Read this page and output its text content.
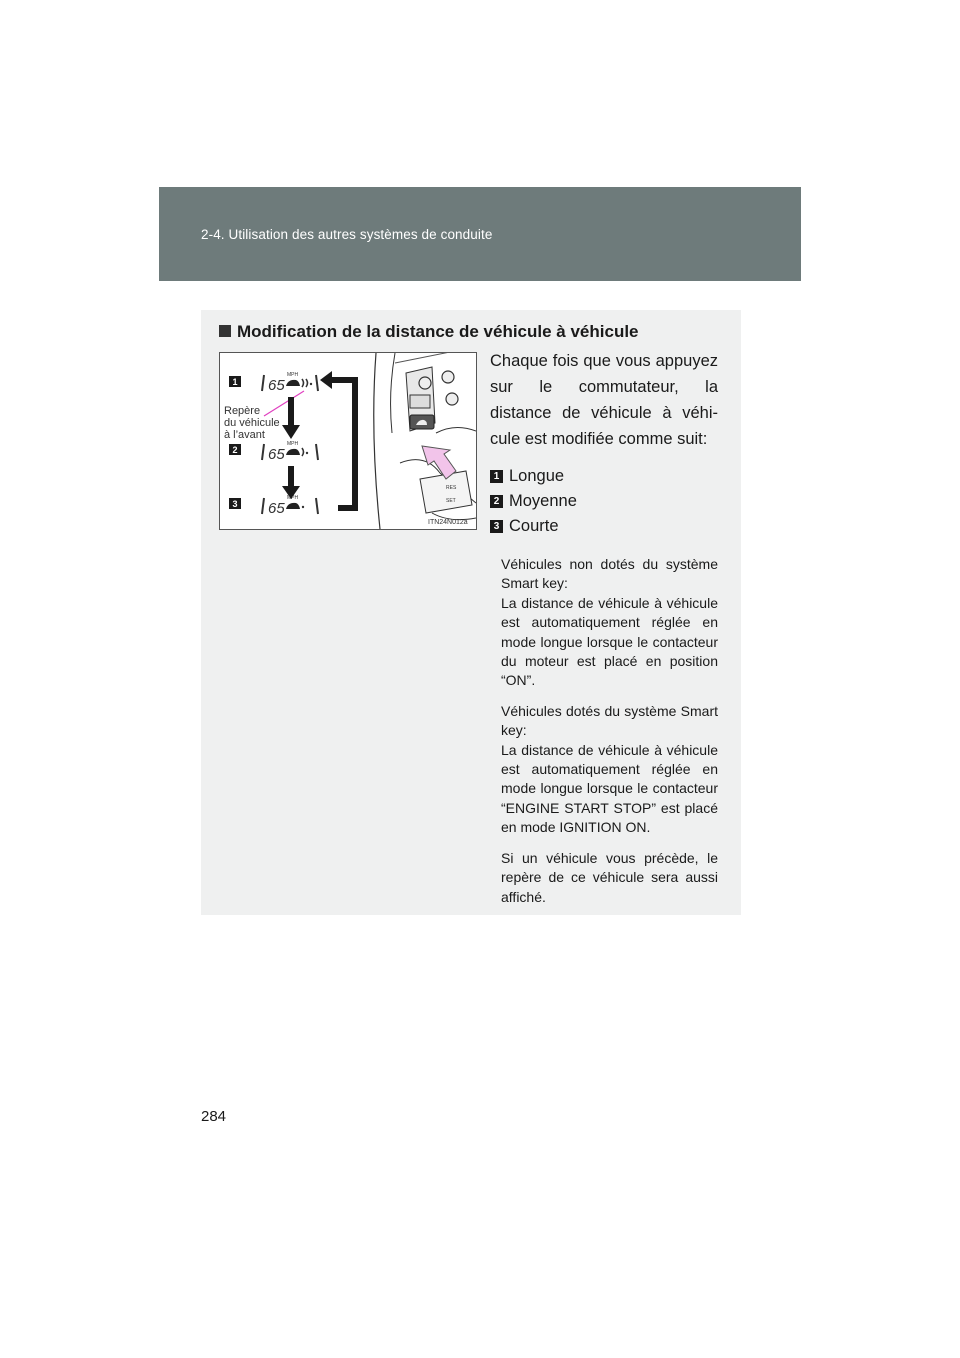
2-4. Utilisation des autres systèmes de conduite
Modification de la distance de véhicule à véhicule
1
2
3
Repère
du véhicule
à l’avant
65
MPH
65
MPH
65
MPH
RES
SET
ITN24N012a

Chaque fois que vous appuyez sur le commutateur, la distance de véhicule à véhicule est modifiée comme suit:

1 Longue
2 Moyenne
3 Courte

Véhicules non dotés du système Smart key:
La distance de véhicule à véhicule est automatiquement réglée en mode longue lorsque le contacteur du moteur est placé en position “ON”.

Véhicules dotés du système Smart key:
La distance de véhicule à véhicule est automatiquement réglée en mode longue lorsque le contacteur “ENGINE START STOP” est placé en mode IGNITION ON.

Si un véhicule vous précède, le repère de ce véhicule sera aussi affiché.

284
